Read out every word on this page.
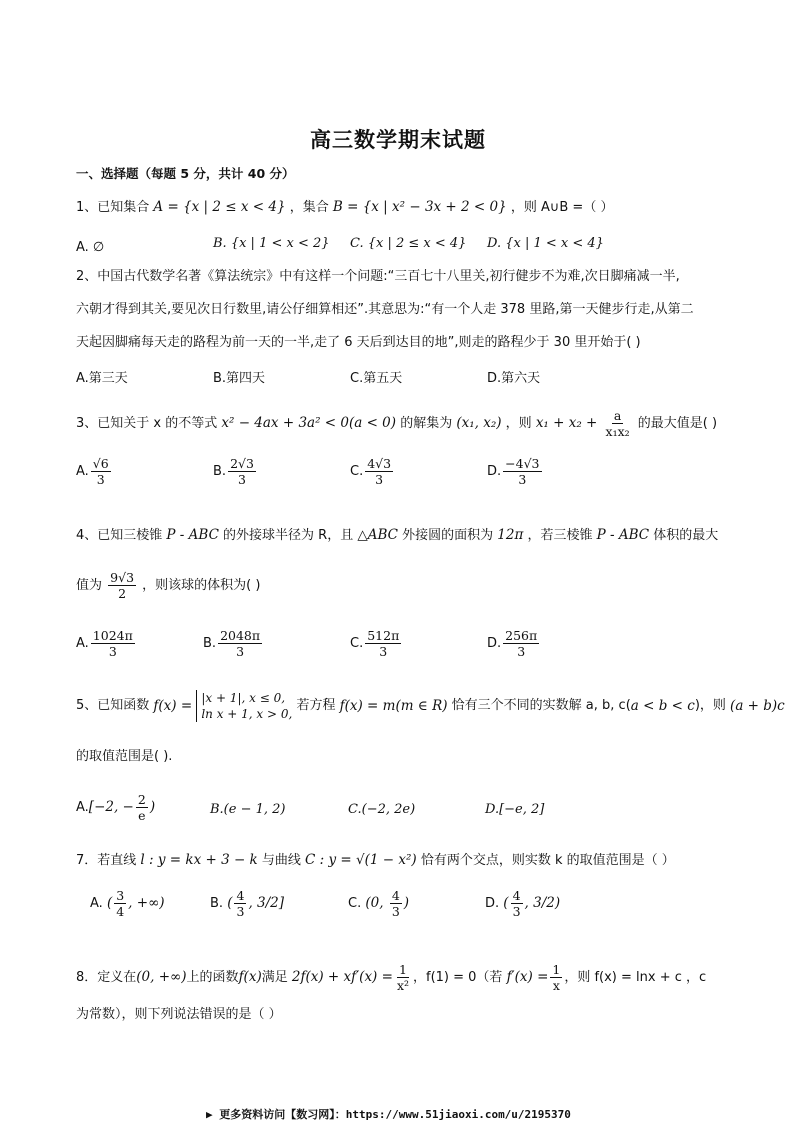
高三数学期末试题
一、选择题（每题 5 分，共计 40 分）
1、已知集合 A = {x | 2 ≤ x < 4} ，集合 B = {x | x² − 3x + 2 < 0} ，则 A∪B =（ ）
A. ∅	B. {x | 1 < x < 2} C. {x | 2 ≤ x < 4} D. {x | 1 < x < 4}
2、中国古代数学名著《算法统宗》中有这样一个问题:“三百七十八里关,初行健步不为难,次日脚痛减一半,
六朝才得到其关,要见次日行数里,请公仔细算相还”.其意思为:“有一个人走 378 里路,第一天健步行走,从第二
天起因脚痛每天走的路程为前一天的一半,走了 6 天后到达目的地”,则走的路程少于 30 里开始于( )
A.第三天	B.第四天	C.第五天	D.第六天
3、已知关于 x 的不等式 x² − 4ax + 3a² < 0(a < 0) 的解集为 (x₁, x₂) ，则 $x_1 + x_2 + \frac{a}{\text{x₁x₂}}$ 的最大值是( )
A. $\frac{√6}{3}$	B. $\frac{2√3}{3}$	C. $\frac{4√3}{3}$	D. $\frac{-4√3}{3}$
4、已知三棱锥 P - ABC 的外接球半径为 R，且 △ABC 外接圆的面积为 12π ，若三棱锥 P - ABC 体积的最大
值为 $\frac{9√3}{2}$ ，则该球的体积为( )
A. $\frac{1024\pi}{3}$	B. $\frac{2048\pi}{3}$	C. $\frac{512\pi}{3}$	D. $\frac{256\pi}{3}$
5、已知函数 f(x) = |x + 1|, x ≤ 0,
ln x + 1, x > 0, 若方程 f(x) = m(m ∈ R) 恰有三个不同的实数解 a, b, c(a < b < c)，则 (a + b)c
的取值范围是( ).
A.[−2, − $\frac{2}{e}$ )	B.(e − 1, 2)	C.(−2, 2e)	D.[−e, 2]
7．若直线 l : y = kx + 3 − k 与曲线 C : y = √(1 − x²) 恰有两个交点，则实数 k 的取值范围是（ ）
A. ( $\frac{3}{4}$ , +∞)	B. ( $\frac{4}{3}$ , 3/2]	C. (0, $\frac{4}{3}$ )	D. ( $\frac{4}{3}$ , 3/2)
8．定义在(0, +∞)上的函数f(x)满足 $2f(x) + xf'(x) = \frac{1}{\text{x²}}$ ，f(1) = 0（若 $f'(x) = \frac{1}{x}$ ，则 f(x) = lnx + c ，c
为常数），则下列说法错误的是（ ）
▶ 更多资料访问【数习网】：https://www.51jiaoxi.com/u/2195370
